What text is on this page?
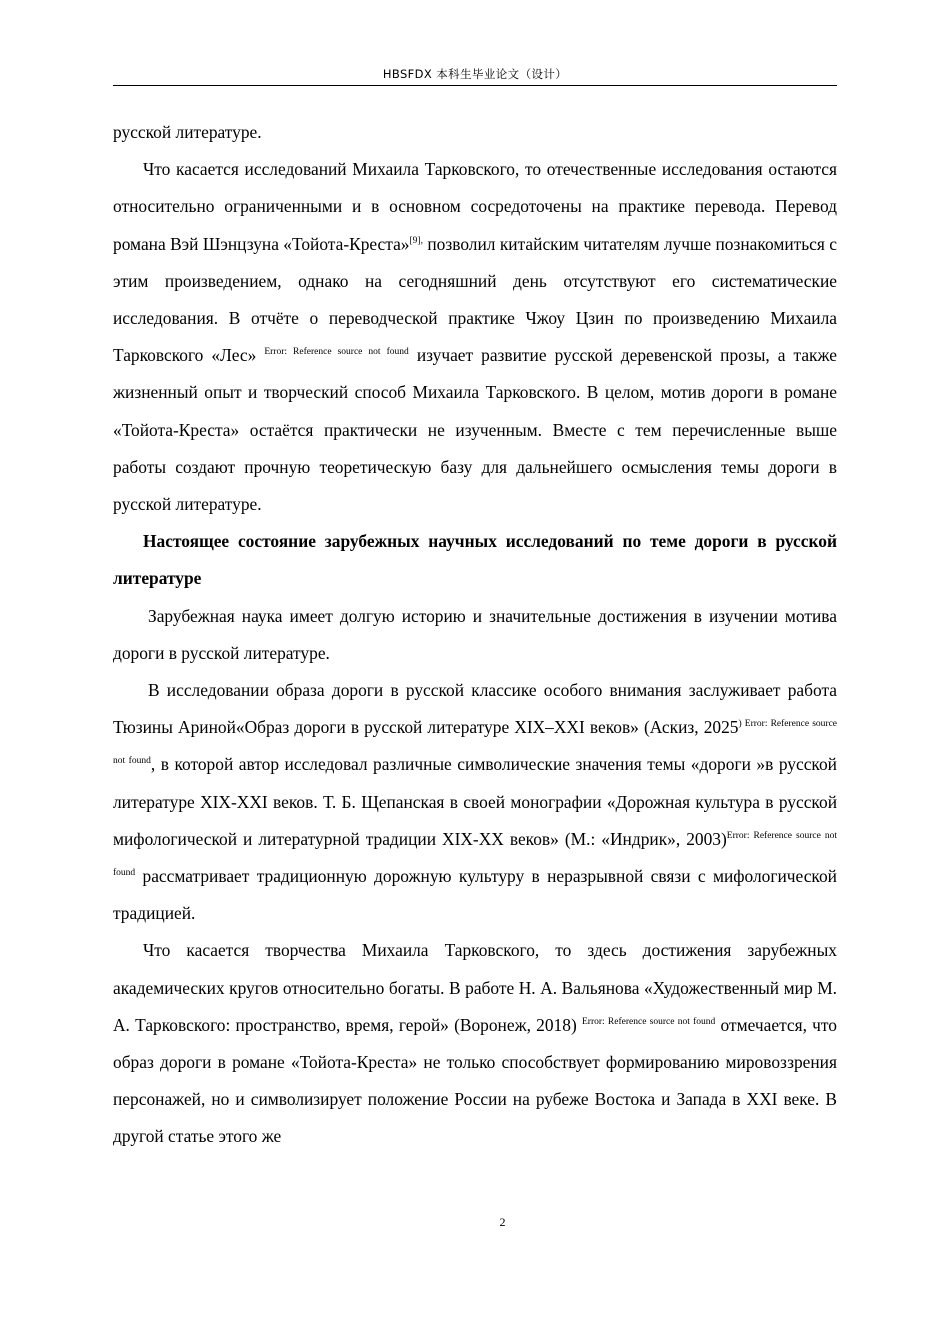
HBSFDX 本科生毕业论文（设计）

русской литературе.

Что касается исследований Михаила Тарковского, то отечественные исследования остаются относительно ограниченными и в основном сосредоточены на практике перевода. Перевод романа Вэй Шэнцзуна «Тойота-Креста»$^{[9],}$ позволил китайским читателям лучше познакомиться с этим произведением, однако на сегодняшний день отсутствуют его систематические исследования. В отчёте о переводческой практике Чжоу Цзин по произведению Михаила Тарковского «Лес» $^{Error: Reference source not found}$ изучает развитие русской деревенской прозы, а также жизненный опыт и творческий способ Михаила Тарковского. В целом, мотив дороги в романе «Тойота-Креста» остаётся практически не изученным. Вместе с тем перечисленные выше работы создают прочную теоретическую базу для дальнейшего осмысления темы дороги в русской литературе.

Настоящее состояние зарубежных научных исследований по теме дороги в русской литературе

Зарубежная наука имеет долгую историю и значительные достижения в изучении мотива дороги в русской литературе.

В исследовании образа дороги в русской классике особого внимания заслуживает работа Тюзины Ариной«Образ дороги в русской литературе XIX–XXI веков» (Аскиз, 2025$^{) Error: Reference source not found}$, в которой автор исследовал различные символические значения темы «дороги »в русской литературе XIX-XXI веков. Т. Б. Щепанская в своей монографии «Дорожная культура в русской мифологической и литературной традиции XIX-XX веков» (М.: «Индрик», 2003)$^{Error: Reference source not found}$ рассматривает традиционную дорожную культуру в неразрывной связи с мифологической традицией.

Что касается творчества Михаила Тарковского, то здесь достижения зарубежных академических кругов относительно богаты. В работе Н. А. Вальянова «Художественный мир М. А. Тарковского: пространство, время, герой» (Воронеж, 2018) $^{Error: Reference source not found}$ отмечается, что образ дороги в романе «Тойота-Креста» не только способствует формированию мировоззрения персонажей, но и символизирует положение России на рубеже Востока и Запада в XXI веке. В другой статье этого же

2
